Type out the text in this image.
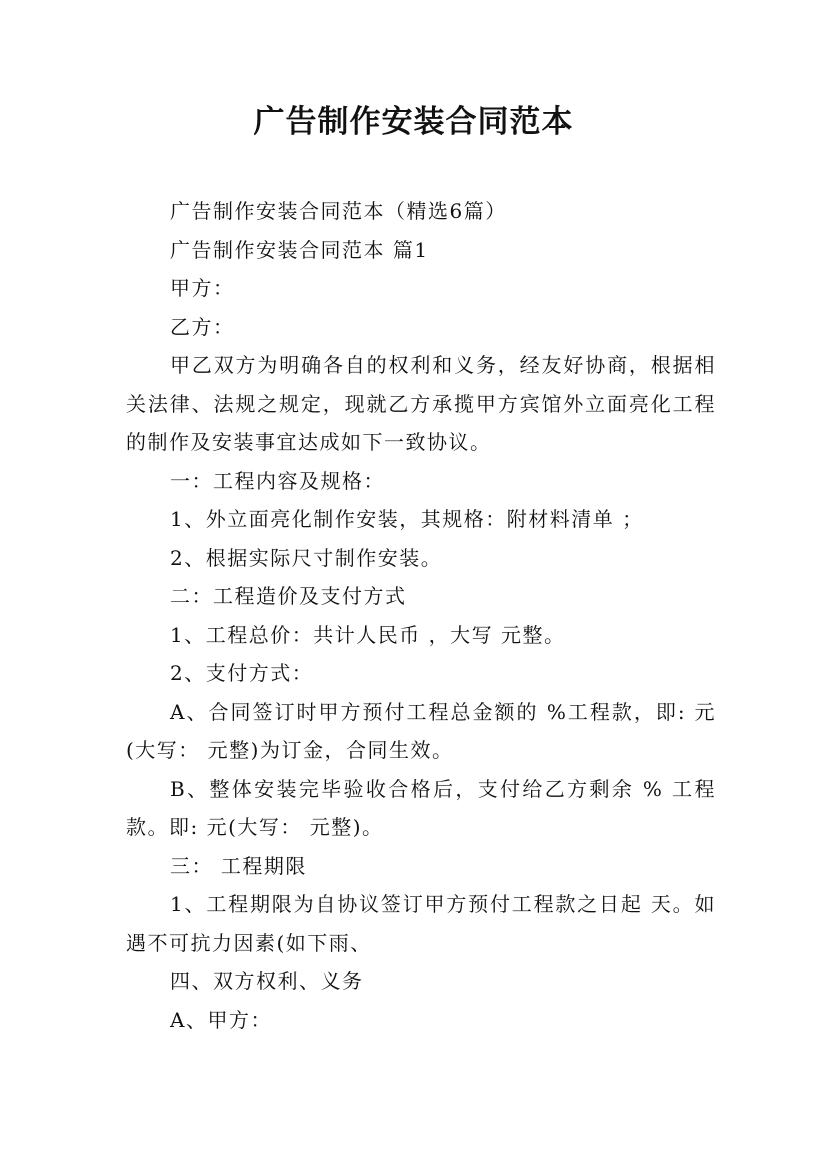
广告制作安装合同范本

广告制作安装合同范本（精选6篇）

广告制作安装合同范本 篇1

甲方：

乙方：

甲乙双方为明确各自的权利和义务，经友好协商，根据相关法律、法规之规定，现就乙方承揽甲方宾馆外立面亮化工程的制作及安装事宜达成如下一致协议。

一：工程内容及规格：

1、外立面亮化制作安装，其规格：附材料清单 ；

2、根据实际尺寸制作安装。

二：工程造价及支付方式

1、工程总价：共计人民币 ，大写 元整。

2、支付方式：

A、合同签订时甲方预付工程总金额的 %工程款，即: 元(大写： 元整)为订金，合同生效。

B、整体安装完毕验收合格后，支付给乙方剩余 % 工程款。即: 元(大写： 元整)。

三： 工程期限

1、工程期限为自协议签订甲方预付工程款之日起 天。如遇不可抗力因素(如下雨、

四、双方权利、义务

A、甲方：
